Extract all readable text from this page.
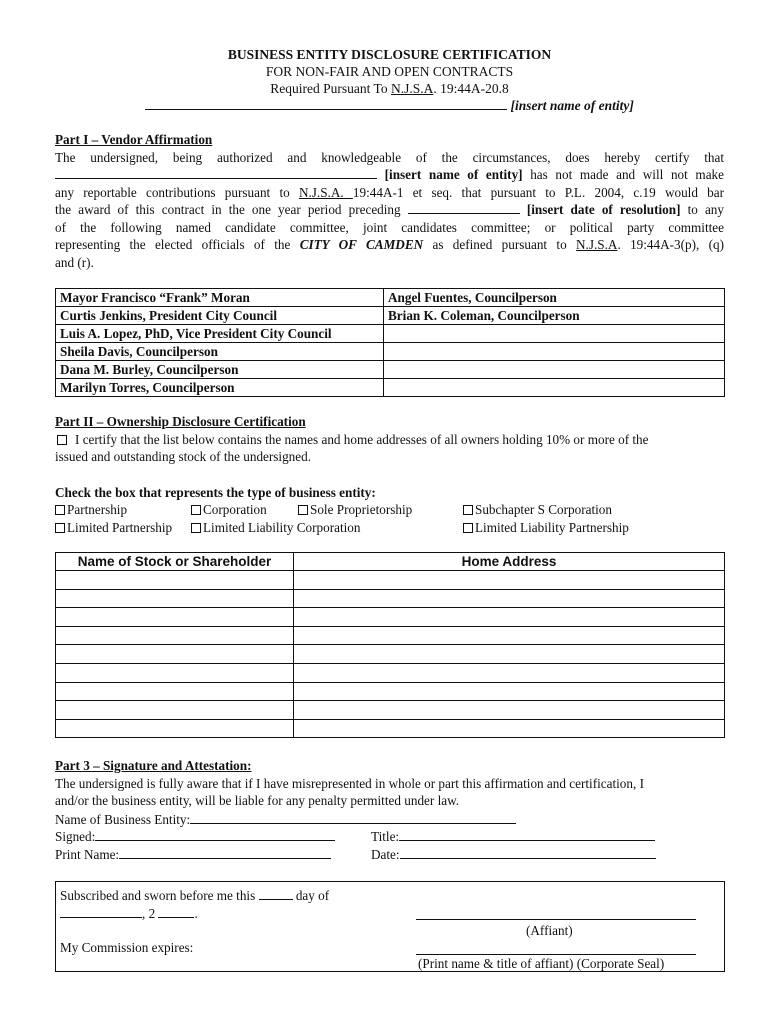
BUSINESS ENTITY DISCLOSURE CERTIFICATION
FOR NON-FAIR AND OPEN CONTRACTS
Required Pursuant To N.J.S.A. 19:44A-20.8
[insert name of entity]
Part I – Vendor Affirmation
The undersigned, being authorized and knowledgeable of the circumstances, does hereby certify that
[insert name of entity] has not made and will not make
any reportable contributions pursuant to N.J.S.A. 19:44A-1 et seq. that pursuant to P.L. 2004, c.19 would bar
the award of this contract in the one year period preceding	[insert date of resolution] to any
of the following named candidate committee, joint candidates committee; or political party committee
representing the elected officials of the CITY OF CAMDEN as defined pursuant to N.J.S.A. 19:44A-3(p), (q)
and (r).
Mayor Francisco “Frank” Moran	Angel Fuentes, Councilperson
Curtis Jenkins, President City Council	Brian K. Coleman, Councilperson
Luis A. Lopez, PhD, Vice President City Council	
Sheila Davis, Councilperson	
Dana M. Burley, Councilperson	
Marilyn Torres, Councilperson	
Part II – Ownership Disclosure Certification
I certify that the list below contains the names and home addresses of all owners holding 10% or more of the
issued and outstanding stock of the undersigned.
Check the box that represents the type of business entity:
Partnership	Corporation	Sole Proprietorship	Subchapter S Corporation
Limited Partnership	Limited Liability Corporation	Limited Liability Partnership
Name of Stock or Shareholder	Home Address

Part 3 – Signature and Attestation:
The undersigned is fully aware that if I have misrepresented in whole or part this affirmation and certification, I
and/or the business entity, will be liable for any penalty permitted under law.
Name of Business Entity:
Signed:	Title:
Print Name:	Date:
Subscribed and sworn before me this	day of
, 2	.
My Commission expires:
(Affiant)
(Print name & title of affiant) (Corporate Seal)
